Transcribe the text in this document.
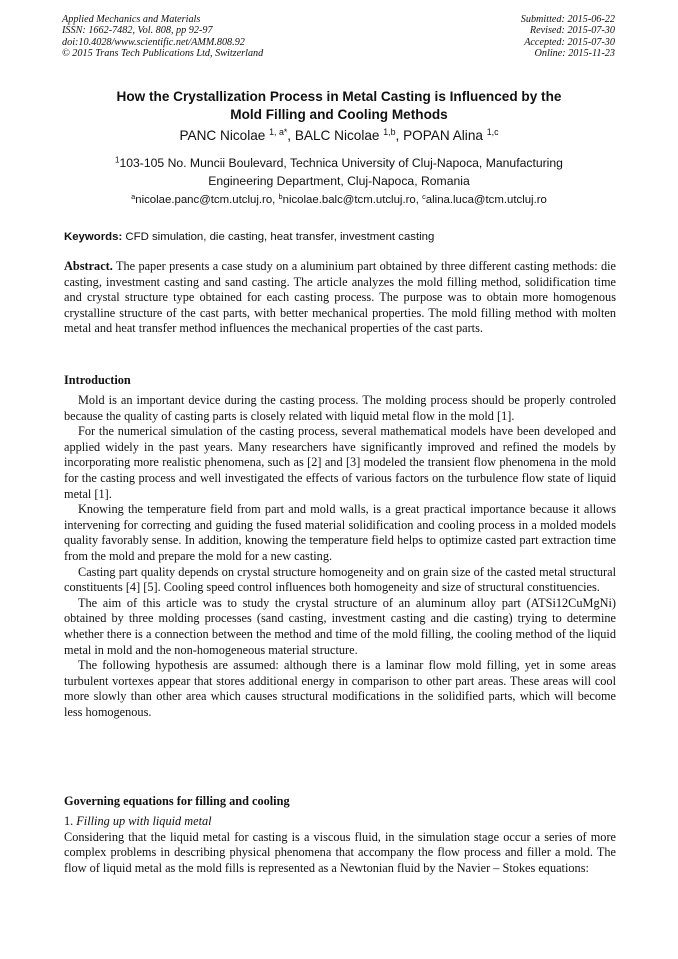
Applied Mechanics and Materials
ISSN: 1662-7482, Vol. 808, pp 92-97
doi:10.4028/www.scientific.net/AMM.808.92
© 2015 Trans Tech Publications Ltd, Switzerland
Submitted: 2015-06-22
Revised: 2015-07-30
Accepted: 2015-07-30
Online: 2015-11-23
How the Crystallization Process in Metal Casting is Influenced by the
Mold Filling and Cooling Methods
PANC Nicolae $^{1, a*}$, BALC Nicolae $^{1,b}$, POPAN Alina $^{1,c}$
$^1$103-105 No. Muncii Boulevard, Technica University of Cluj-Napoca, Manufacturing
Engineering Department, Cluj-Napoca, Romania
$^a$nicolae.panc@tcm.utcluj.ro, $^b$nicolae.balc@tcm.utcluj.ro, $^c$alina.luca@tcm.utcluj.ro
Keywords: CFD simulation, die casting, heat transfer, investment casting

Abstract. The paper presents a case study on a aluminium part obtained by three different casting methods: die casting, investment casting and sand casting. The article analyzes the mold filling method, solidification time and crystal structure type obtained for each casting process. The purpose was to obtain more homogenous crystalline structure of the cast parts, with better mechanical properties. The mold filling method with molten metal and heat transfer method influences the mechanical properties of the cast parts.

Introduction

Mold is an important device during the casting process. The molding process should be properly controled because the quality of casting parts is closely related with liquid metal flow in the mold [1].

For the numerical simulation of the casting process, several mathematical models have been developed and applied widely in the past years. Many researchers have significantly improved and refined the models by incorporating more realistic phenomena, such as [2] and [3] modeled the transient flow phenomena in the mold for the casting process and well investigated the effects of various factors on the turbulence flow state of liquid metal [1].

Knowing the temperature field from part and mold walls, is a great practical importance because it allows intervening for correcting and guiding the fused material solidification and cooling process in a molded models quality favorably sense. In addition, knowing the temperature field helps to optimize casted part extraction time from the mold and prepare the mold for a new casting.

Casting part quality depends on crystal structure homogeneity and on grain size of the casted metal structural constituents [4] [5]. Cooling speed control influences both homogeneity and size of structural constituencies.

The aim of this article was to study the crystal structure of an aluminum alloy part (ATSi12CuMgNi) obtained by three molding processes (sand casting, investment casting and die casting) trying to determine whether there is a connection between the method and time of the mold filling, the cooling method of the liquid metal in mold and the non-homogeneous material structure.

The following hypothesis are assumed: although there is a laminar flow mold filling, yet in some areas turbulent vortexes appear that stores additional energy in comparison to other part areas. These areas will cool more slowly than other area which causes structural modifications in the solidified parts, which will become less homogenous.

Governing equations for filling and cooling

1. Filling up with liquid metal

Considering that the liquid metal for casting is a viscous fluid, in the simulation stage occur a series of more complex problems in describing physical phenomena that accompany the flow process and filler a mold. The flow of liquid metal as the mold fills is represented as a Newtonian fluid by the Navier – Stokes equations:
